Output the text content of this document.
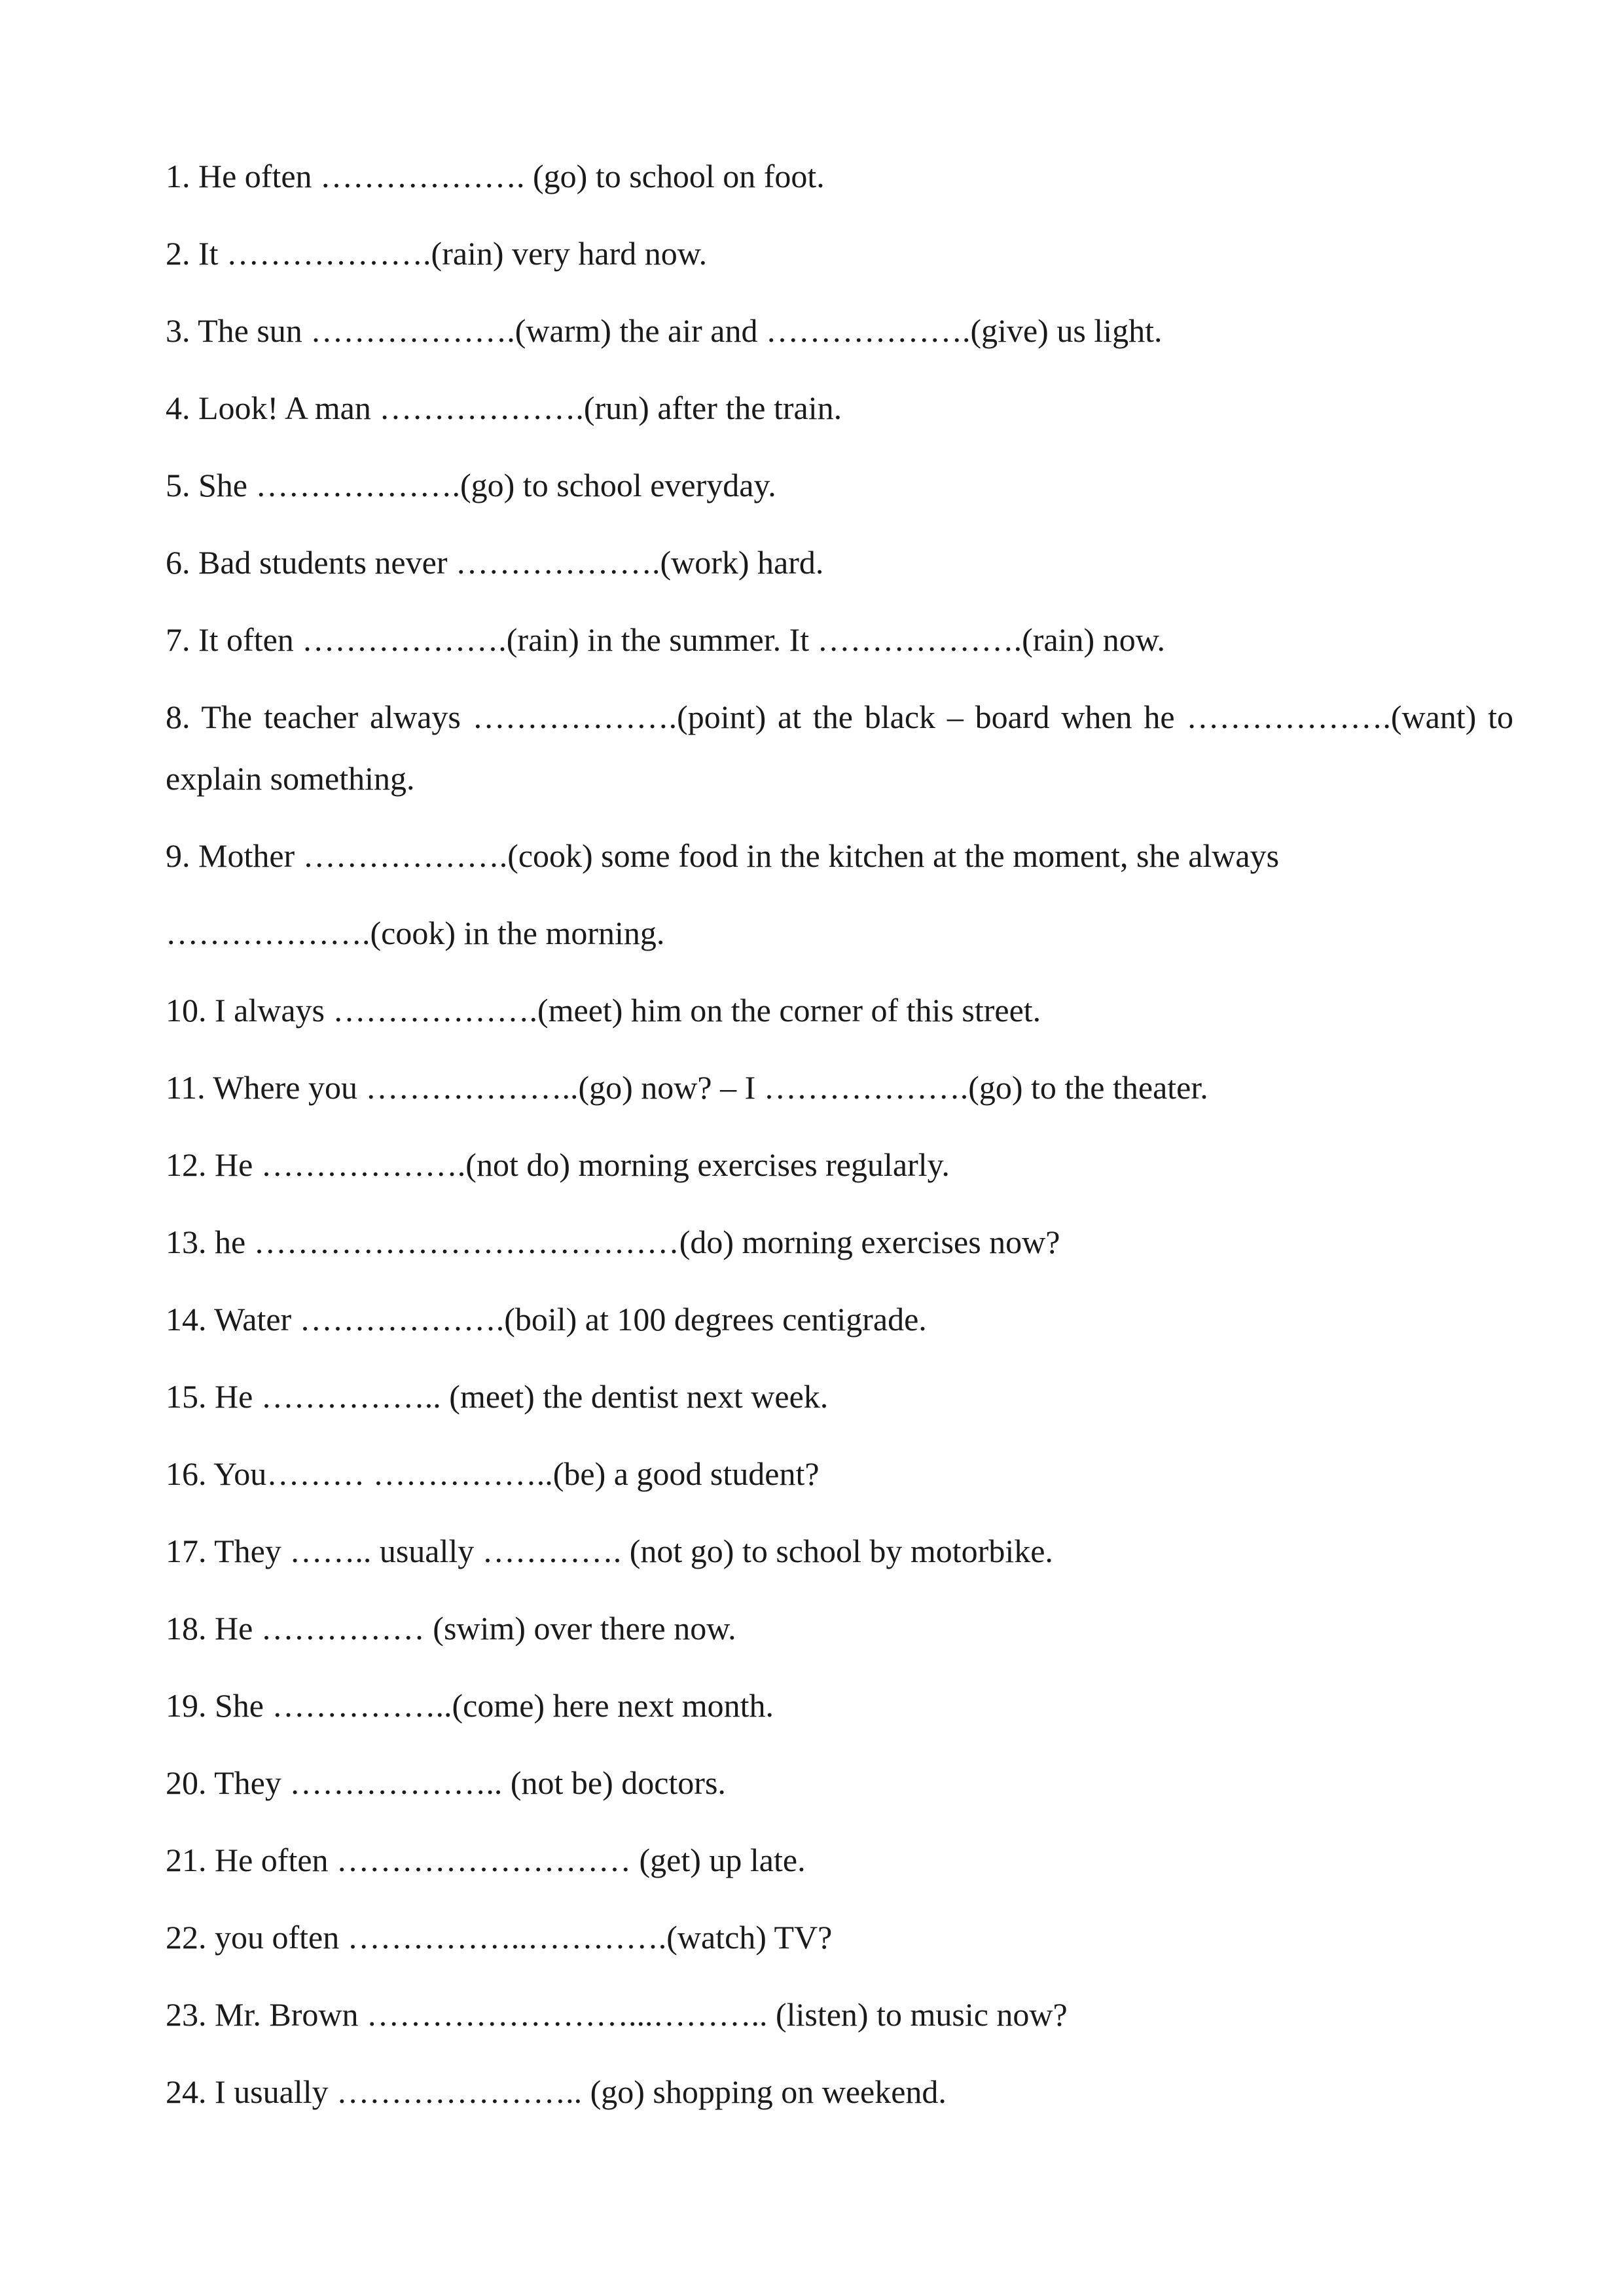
1. He often ………………. (go) to school on foot.
2. It ……………….(rain) very hard now.
3. The sun ……………….(warm) the air and ……………….(give) us light.
4. Look! A man ……………….(run) after the train.
5. She ……………….(go) to school everyday.
6. Bad students never ……………….(work) hard.
7. It often ……………….(rain) in the summer. It ……………….(rain) now.
8. The teacher always ……………….(point) at the black – board when he ……………….(want) to explain something.
9. Mother ……………….(cook) some food in the kitchen at the moment, she always
……………….(cook) in the morning.
10. I always ……………….(meet) him on the corner of this street.
11. Where you ………………..(go) now? – I ……………….(go) to the theater.
12. He ……………….(not do) morning exercises regularly.
13. he …………………………………(do) morning exercises now?
14. Water ……………….(boil) at 100 degrees centigrade.
15. He …………….. (meet) the dentist next week.
16. You……… ……………..(be) a good student?
17. They …….. usually …………. (not go) to school by motorbike.
18. He …………… (swim) over there now.
19. She ……………..(come) here next month.
20. They ……………….. (not be) doctors.
21. He often ……………………… (get) up late.
22. you often ……………..………….(watch) TV?
23. Mr. Brown ……………………...……….. (listen) to music now?
24. I usually ………………….. (go) shopping on weekend.
